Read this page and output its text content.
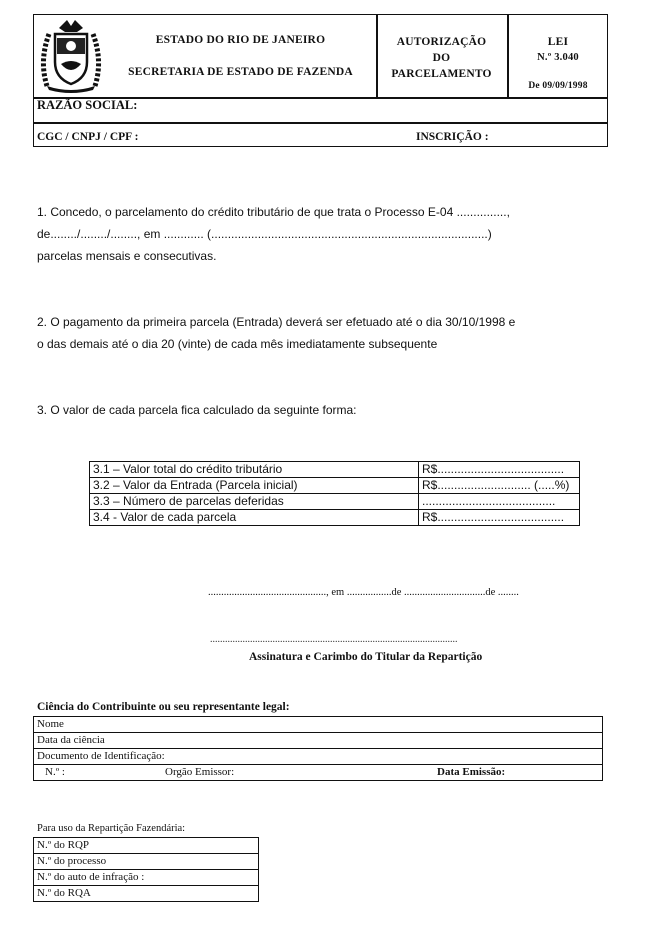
ESTADO DO RIO DE JANEIRO
SECRETARIA DE ESTADO DE FAZENDA
AUTORIZAÇÃO
DO
PARCELAMENTO
LEI
N.º 3.040
De 09/09/1998
RAZÃO SOCIAL:
CGC / CNPJ / CPF :	INSCRIÇÃO :
1. Concedo, o parcelamento do crédito tributário de que trata o Processo E-04 ...............,
de......../......../........, em ............ (...................................................................................)
parcelas mensais e consecutivas.
2. O pagamento da primeira parcela (Entrada) deverá ser efetuado até o dia 30/10/1998 e
o das demais até o dia 20 (vinte) de cada mês imediatamente subsequente
3. O valor de cada parcela fica calculado da seguinte forma:
3.1 – Valor total do crédito tributário	R$......................................
3.2 – Valor da Entrada (Parcela inicial)	R$............................ (.....%)
3.3 – Número de parcelas deferidas	........................................
3.4 - Valor de cada parcela	R$......................................
............................................., em .................de ...............................de ........
...................................................................................................
Assinatura e Carimbo do Titular da Repartição
Ciência do Contribuinte ou seu representante legal:
Nome
Data da ciência
Documento de Identificação:
N.º :	Orgão Emissor:	Data Emissão:
Para uso da Repartição Fazendária:
N.º do RQP
N.º do processo
N.º do auto de infração :
N.º do RQA
